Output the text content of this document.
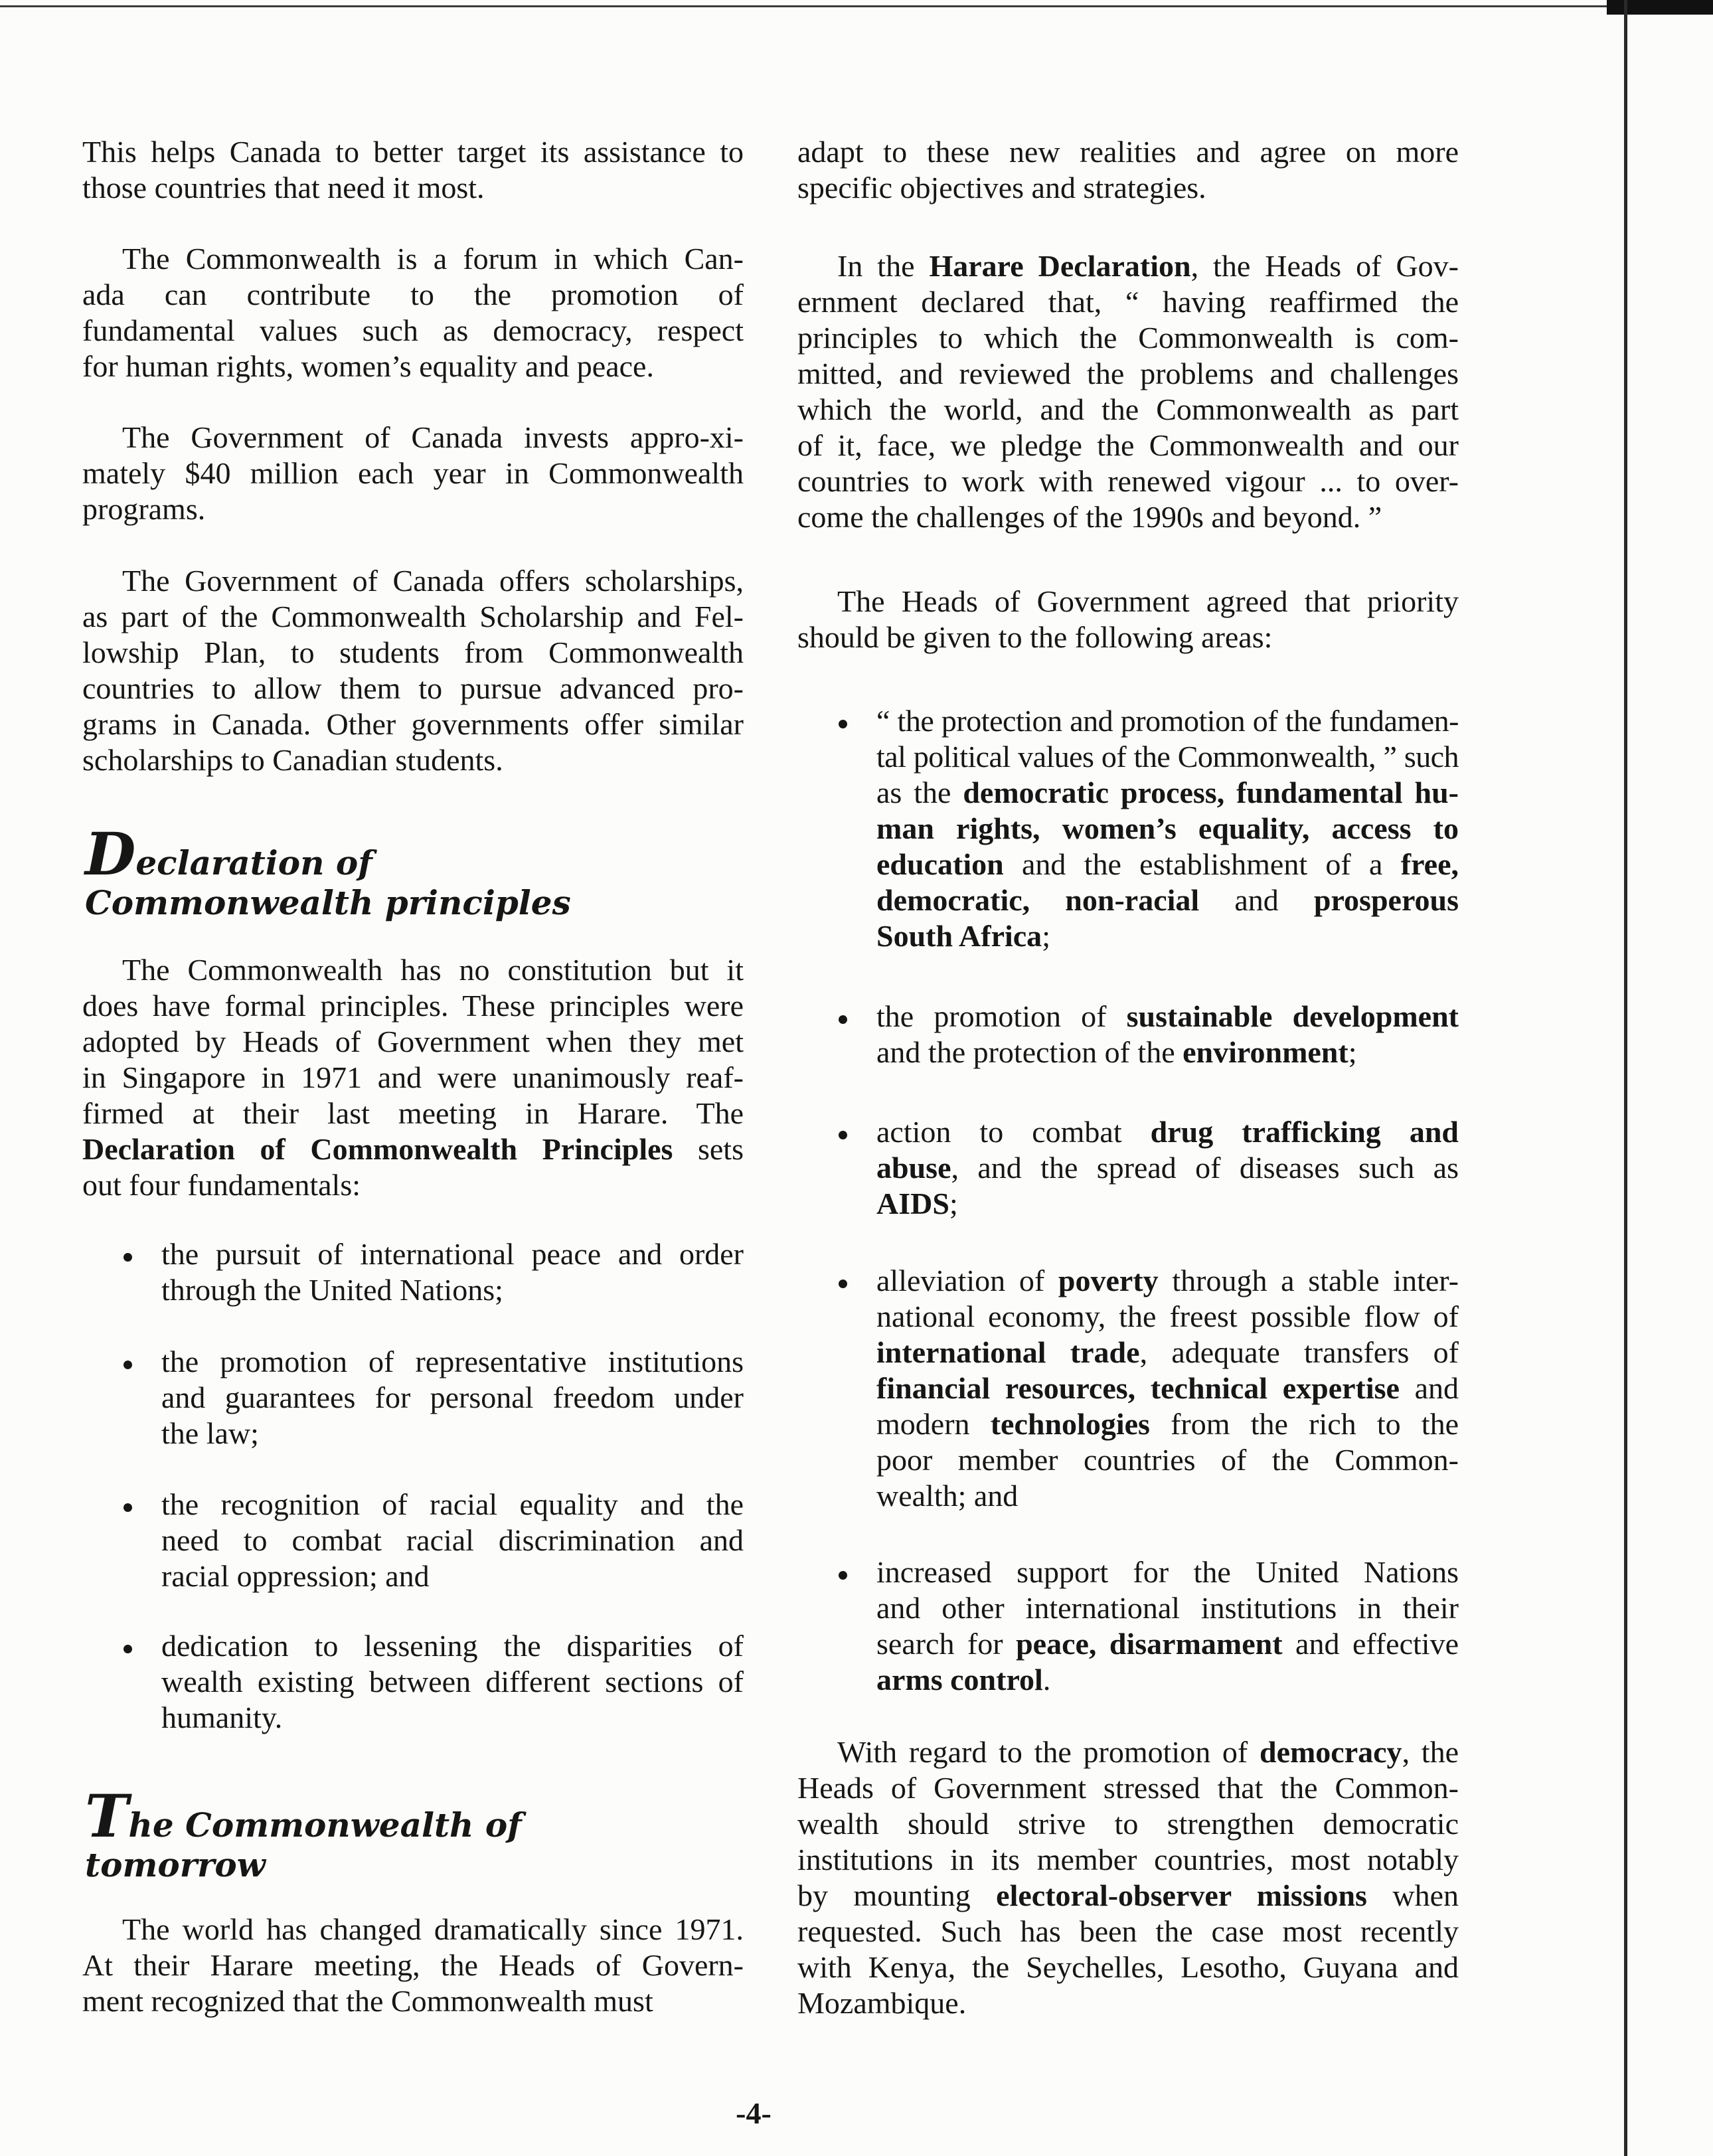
-4-
This helps Canada to better target its assistance to
those countries that need it most.
The Commonwealth is a forum in which Can-
ada can contribute to the promotion of
fundamental values such as democracy, respect
for human rights, women’s equality and peace.
The Government of Canada invests appro-xi-
mately $40 million each year in Commonwealth
programs.
The Government of Canada offers scholarships,
as part of the Commonwealth Scholarship and Fel-
lowship Plan, to students from Commonwealth
countries to allow them to pursue advanced pro-
grams in Canada. Other governments offer similar
scholarships to Canadian students.
Declaration of
Commonwealth principles
The Commonwealth has no constitution but it
does have formal principles. These principles were
adopted by Heads of Government when they met
in Singapore in 1971 and were unanimously reaf-
firmed at their last meeting in Harare. The
Declaration of Commonwealth Principles sets
out four fundamentals:
the pursuit of international peace and order
through the United Nations;
the promotion of representative institutions
and guarantees for personal freedom under
the law;
the recognition of racial equality and the
need to combat racial discrimination and
racial oppression; and
dedication to lessening the disparities of
wealth existing between different sections of
humanity.
The Commonwealth of
tomorrow
The world has changed dramatically since 1971.
At their Harare meeting, the Heads of Govern-
ment recognized that the Commonwealth must
adapt to these new realities and agree on more
specific objectives and strategies.
In the Harare Declaration, the Heads of Gov-
ernment declared that, “ having reaffirmed the
principles to which the Commonwealth is com-
mitted, and reviewed the problems and challenges
which the world, and the Commonwealth as part
of it, face, we pledge the Commonwealth and our
countries to work with renewed vigour ... to over-
come the challenges of the 1990s and beyond. ”
The Heads of Government agreed that priority
should be given to the following areas:
“ the protection and promotion of the fundamen-
tal political values of the Commonwealth, ” such
as the democratic process, fundamental hu-
man rights, women’s equality, access to
education and the establishment of a free,
democratic, non-racial and prosperous
South Africa;
the promotion of sustainable development
and the protection of the environment;
action to combat drug trafficking and
abuse, and the spread of diseases such as
AIDS;
alleviation of poverty through a stable inter-
national economy, the freest possible flow of
international trade, adequate transfers of
financial resources, technical expertise and
modern technologies from the rich to the
poor member countries of the Common-
wealth; and
increased support for the United Nations
and other international institutions in their
search for peace, disarmament and effective
arms control.
With regard to the promotion of democracy, the
Heads of Government stressed that the Common-
wealth should strive to strengthen democratic
institutions in its member countries, most notably
by mounting electoral-observer missions when
requested. Such has been the case most recently
with Kenya, the Seychelles, Lesotho, Guyana and
Mozambique.
